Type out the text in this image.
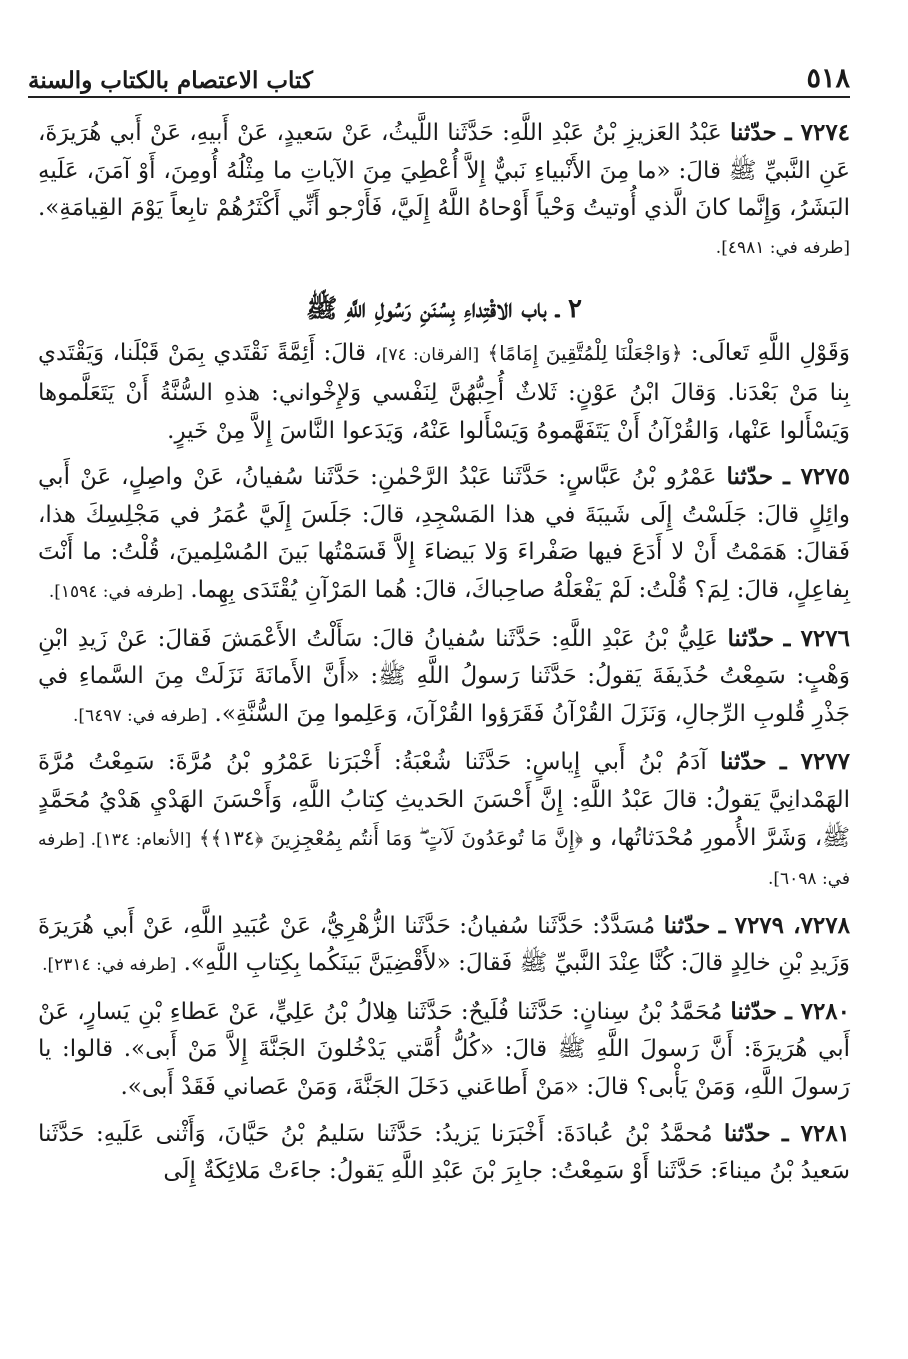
٥١٨
كتاب الاعتصام بالكتاب والسنة

٧٢٧٤ ـ حدّثنا عَبْدُ العَزيزِ بْنُ عَبْدِ اللَّهِ: حَدَّثَنا اللَّيثُ، عَنْ سَعيدٍ، عَنْ أَبيهِ، عَنْ أَبي هُرَيرَةَ، عَنِ النَّبيِّ ﷺ قالَ: «ما مِنَ الأَنْبياءِ نَبيٌّ إِلاَّ أُعْطِيَ مِنَ الآياتِ ما مِثْلُهُ أُومِنَ، أَوْ آمَنَ، عَلَيهِ البَشَرُ، وَإِنَّما كانَ الَّذي أُوتيتُ وَحْياً أَوْحاهُ اللَّهُ إِلَيَّ، فَأَرْجو أَنِّي أَكْثَرُهُمْ تابِعاً يَوْمَ القِيامَةِ». [طرفه في: ٤٩٨١].

٢ ـ باب الاقْتِداءِ بِسُنَنِ رَسُولِ اللَّهِ ﷺ

وَقَوْلِ اللَّهِ تَعالَى: ﴿وَاجْعَلْنَا لِلْمُتَّقِينَ إِمَامًا﴾ [الفرقان: ٧٤]، قالَ: أَئِمَّةً نَقْتَدي بِمَنْ قَبْلَنا، وَيَقْتَدي بِنا مَنْ بَعْدَنا. وَقالَ ابْنُ عَوْنٍ: ثَلاثٌ أُحِبُّهُنَّ لِنَفْسي وَلإِخْواني: هذهِ السُّنَّةُ أَنْ يَتَعَلَّموها وَيَسْأَلوا عَنْها، وَالقُرْآنُ أَنْ يَتَفَهَّموهُ وَيَسْأَلوا عَنْهُ، وَيَدَعوا النَّاسَ إِلاَّ مِنْ خَيرٍ.

٧٢٧٥ ـ حدّثنا عَمْرُو بْنُ عَبَّاسٍ: حَدَّثَنا عَبْدُ الرَّحْمٰنِ: حَدَّثَنا سُفيانُ، عَنْ واصِلٍ، عَنْ أَبي وائِلٍ قالَ: جَلَسْتُ إِلَى شَيبَةَ في هذا المَسْجِدِ، قالَ: جَلَسَ إِلَيَّ عُمَرُ في مَجْلِسِكَ هذا، فَقالَ: هَمَمْتُ أَنْ لا أَدَعَ فيها صَفْراءَ وَلا بَيضاءَ إِلاَّ قَسَمْتُها بَينَ المُسْلِمينَ، قُلْتُ: ما أَنْتَ بِفاعِلٍ، قالَ: لِمَ؟ قُلْتُ: لَمْ يَفْعَلْهُ صاحِباكَ، قالَ: هُما المَرْآنِ يُقْتَدَى بِهِما. [طرفه في: ١٥٩٤].

٧٢٧٦ ـ حدّثنا عَلِيُّ بْنُ عَبْدِ اللَّهِ: حَدَّثَنا سُفيانُ قالَ: سَأَلْتُ الأَعْمَشَ فَقالَ: عَنْ زَيدِ ابْنِ وَهْبٍ: سَمِعْتُ حُذَيفَةَ يَقولُ: حَدَّثَنا رَسولُ اللَّهِ ﷺ: «أَنَّ الأَمانَةَ نَزَلَتْ مِنَ السَّماءِ في جَذْرِ قُلوبِ الرِّجالِ، وَنَزَلَ القُرْآنُ فَقَرَؤوا القُرْآنَ، وَعَلِموا مِنَ السُّنَّةِ». [طرفه في: ٦٤٩٧].

٧٢٧٧ ـ حدّثنا آدَمُ بْنُ أَبي إِياسٍ: حَدَّثَنا شُعْبَةُ: أَخْبَرَنا عَمْرُو بْنُ مُرَّةَ: سَمِعْتُ مُرَّةَ الهَمْدانِيَّ يَقولُ: قالَ عَبْدُ اللَّهِ: إِنَّ أَحْسَنَ الحَديثِ كِتابُ اللَّهِ، وَأَحْسَنَ الهَدْيِ هَدْيُ مُحَمَّدٍ ﷺ، وَشَرَّ الأُمورِ مُحْدَثاتُها، و ﴿إِنَّ مَا تُوعَدُونَ لَآتٍ ۖ وَمَا أَنتُم بِمُعْجِزِينَ ﴿١٣٤﴾﴾ [الأنعام: ١٣٤]. [طرفه في: ٦٠٩٨].

٧٢٧٨، ٧٢٧٩ ـ حدّثنا مُسَدَّدٌ: حَدَّثَنا سُفيانُ: حَدَّثَنا الزُّهْرِيُّ، عَنْ عُبَيدِ اللَّهِ، عَنْ أَبي هُرَيرَةَ وَزَيدِ بْنِ خالِدٍ قالَ: كُنَّا عِنْدَ النَّبيِّ ﷺ فَقالَ: «لأَقْضِيَنَّ بَينَكُما بِكِتابِ اللَّهِ». [طرفه في: ٢٣١٤].

٧٢٨٠ ـ حدّثنا مُحَمَّدُ بْنُ سِنانٍ: حَدَّثَنا فُلَيحٌ: حَدَّثَنا هِلالُ بْنُ عَلِيٍّ، عَنْ عَطاءِ بْنِ يَسارٍ، عَنْ أَبي هُرَيرَةَ: أَنَّ رَسولَ اللَّهِ ﷺ قالَ: «كُلُّ أُمَّتي يَدْخُلونَ الجَنَّةَ إِلاَّ مَنْ أَبى». قالوا: يا رَسولَ اللَّهِ، وَمَنْ يَأْبى؟ قالَ: «مَنْ أَطاعَني دَخَلَ الجَنَّةَ، وَمَنْ عَصاني فَقَدْ أَبى».

٧٢٨١ ـ حدّثنا مُحمَّدُ بْنُ عُبادَةَ: أَخْبَرَنا يَزيدُ: حَدَّثَنا سَليمُ بْنُ حَيَّانَ، وَأَثْنى عَلَيهِ: حَدَّثَنا سَعيدُ بْنُ ميناءَ: حَدَّثَنا أَوْ سَمِعْتُ: جابِرَ بْنَ عَبْدِ اللَّهِ يَقولُ: جاءَتْ مَلائِكَةٌ إِلَى
